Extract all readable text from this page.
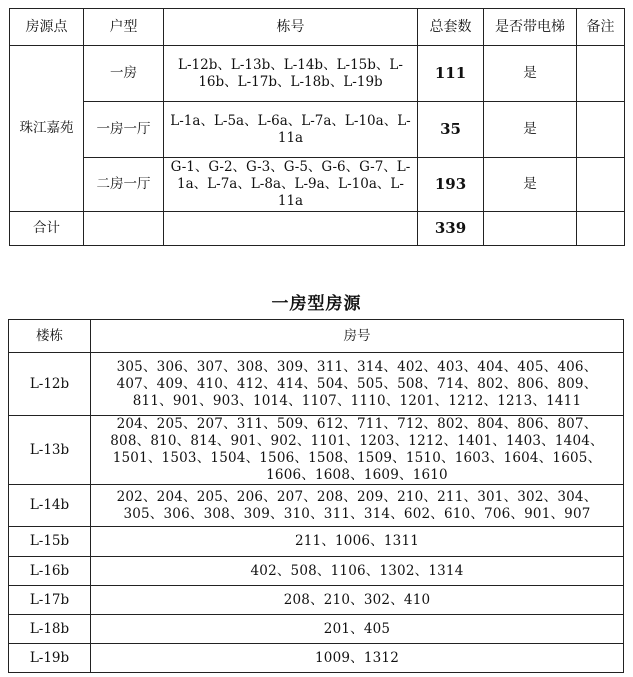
房源点	户型	栋号	总套数	是否带电梯	备注
珠江嘉苑	一房	L-12b、L-13b、L-14b、L-15b、L-16b、L-17b、L-18b、L-19b	111	是	
	一房一厅	L-1a、L-5a、L-6a、L-7a、L-10a、L-11a	35	是	
	二房一厅	G-1、G-2、G-3、G-5、G-6、G-7、L-1a、L-7a、L-8a、L-9a、L-10a、L-11a	193	是	
合计			339		
一房型房源
楼栋	房号
L-12b	305、306、307、308、309、311、314、402、403、404、405、406、407、409、410、412、414、504、505、508、714、802、806、809、811、901、903、1014、1107、1110、1201、1212、1213、1411
L-13b	204、205、207、311、509、612、711、712、802、804、806、807、808、810、814、901、902、1101、1203、1212、1401、1403、1404、1501、1503、1504、1506、1508、1509、1510、1603、1604、1605、1606、1608、1609、1610
L-14b	202、204、205、206、207、208、209、210、211、301、302、304、305、306、308、309、310、311、314、602、610、706、901、907
L-15b	211、1006、1311
L-16b	402、508、1106、1302、1314
L-17b	208、210、302、410
L-18b	201、405
L-19b	1009、1312
